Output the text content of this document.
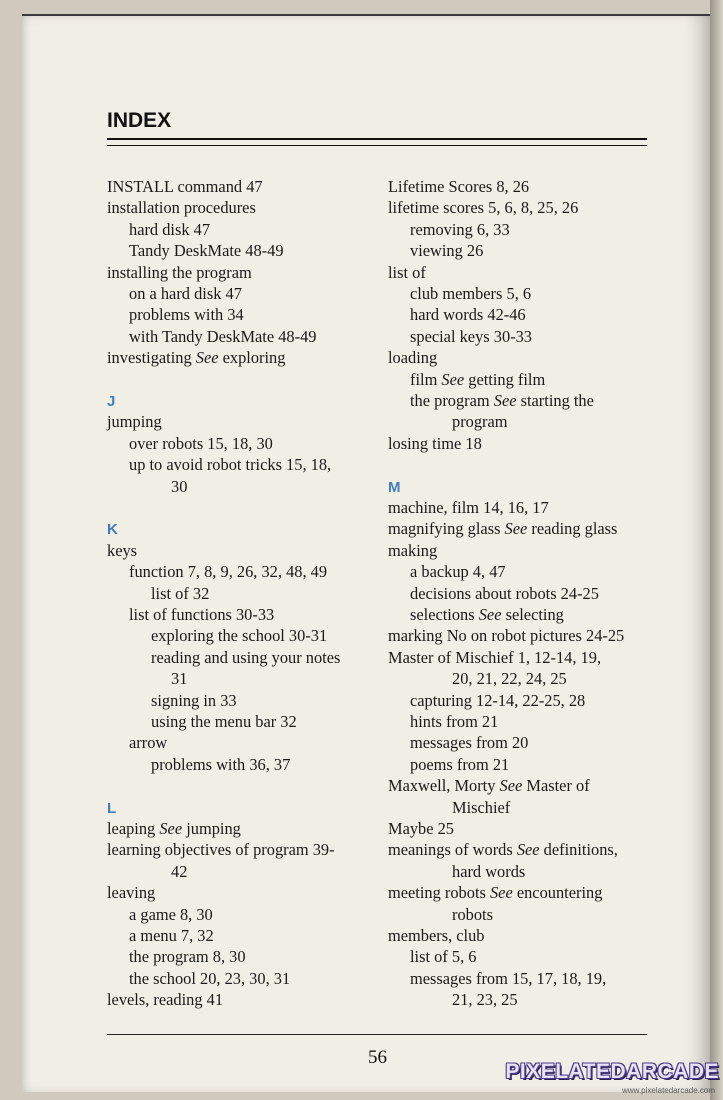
INDEX
INSTALL command 47
installation procedures
hard disk 47
Tandy DeskMate 48-49
installing the program
on a hard disk 47
problems with 34
with Tandy DeskMate 48-49
investigating See exploring
J
jumping
over robots 15, 18, 30
up to avoid robot tricks 15, 18,
30
K
keys
function 7, 8, 9, 26, 32, 48, 49
list of 32
list of functions 30-33
exploring the school 30-31
reading and using your notes
31
signing in 33
using the menu bar 32
arrow
problems with 36, 37
L
leaping See jumping
learning objectives of program 39-
42
leaving
a game 8, 30
a menu 7, 32
the program 8, 30
the school 20, 23, 30, 31
levels, reading 41
Lifetime Scores 8, 26
lifetime scores 5, 6, 8, 25, 26
removing 6, 33
viewing 26
list of
club members 5, 6
hard words 42-46
special keys 30-33
loading
film See getting film
the program See starting the
program
losing time 18
M
machine, film 14, 16, 17
magnifying glass See reading glass
making
a backup 4, 47
decisions about robots 24-25
selections See selecting
marking No on robot pictures 24-25
Master of Mischief 1, 12-14, 19,
20, 21, 22, 24, 25
capturing 12-14, 22-25, 28
hints from 21
messages from 20
poems from 21
Maxwell, Morty See Master of
Mischief
Maybe 25
meanings of words See definitions,
hard words
meeting robots See encountering
robots
members, club
list of 5, 6
messages from 15, 17, 18, 19,
21, 23, 25
56
PIXELATEDARCADE
www.pixelatedarcade.com
